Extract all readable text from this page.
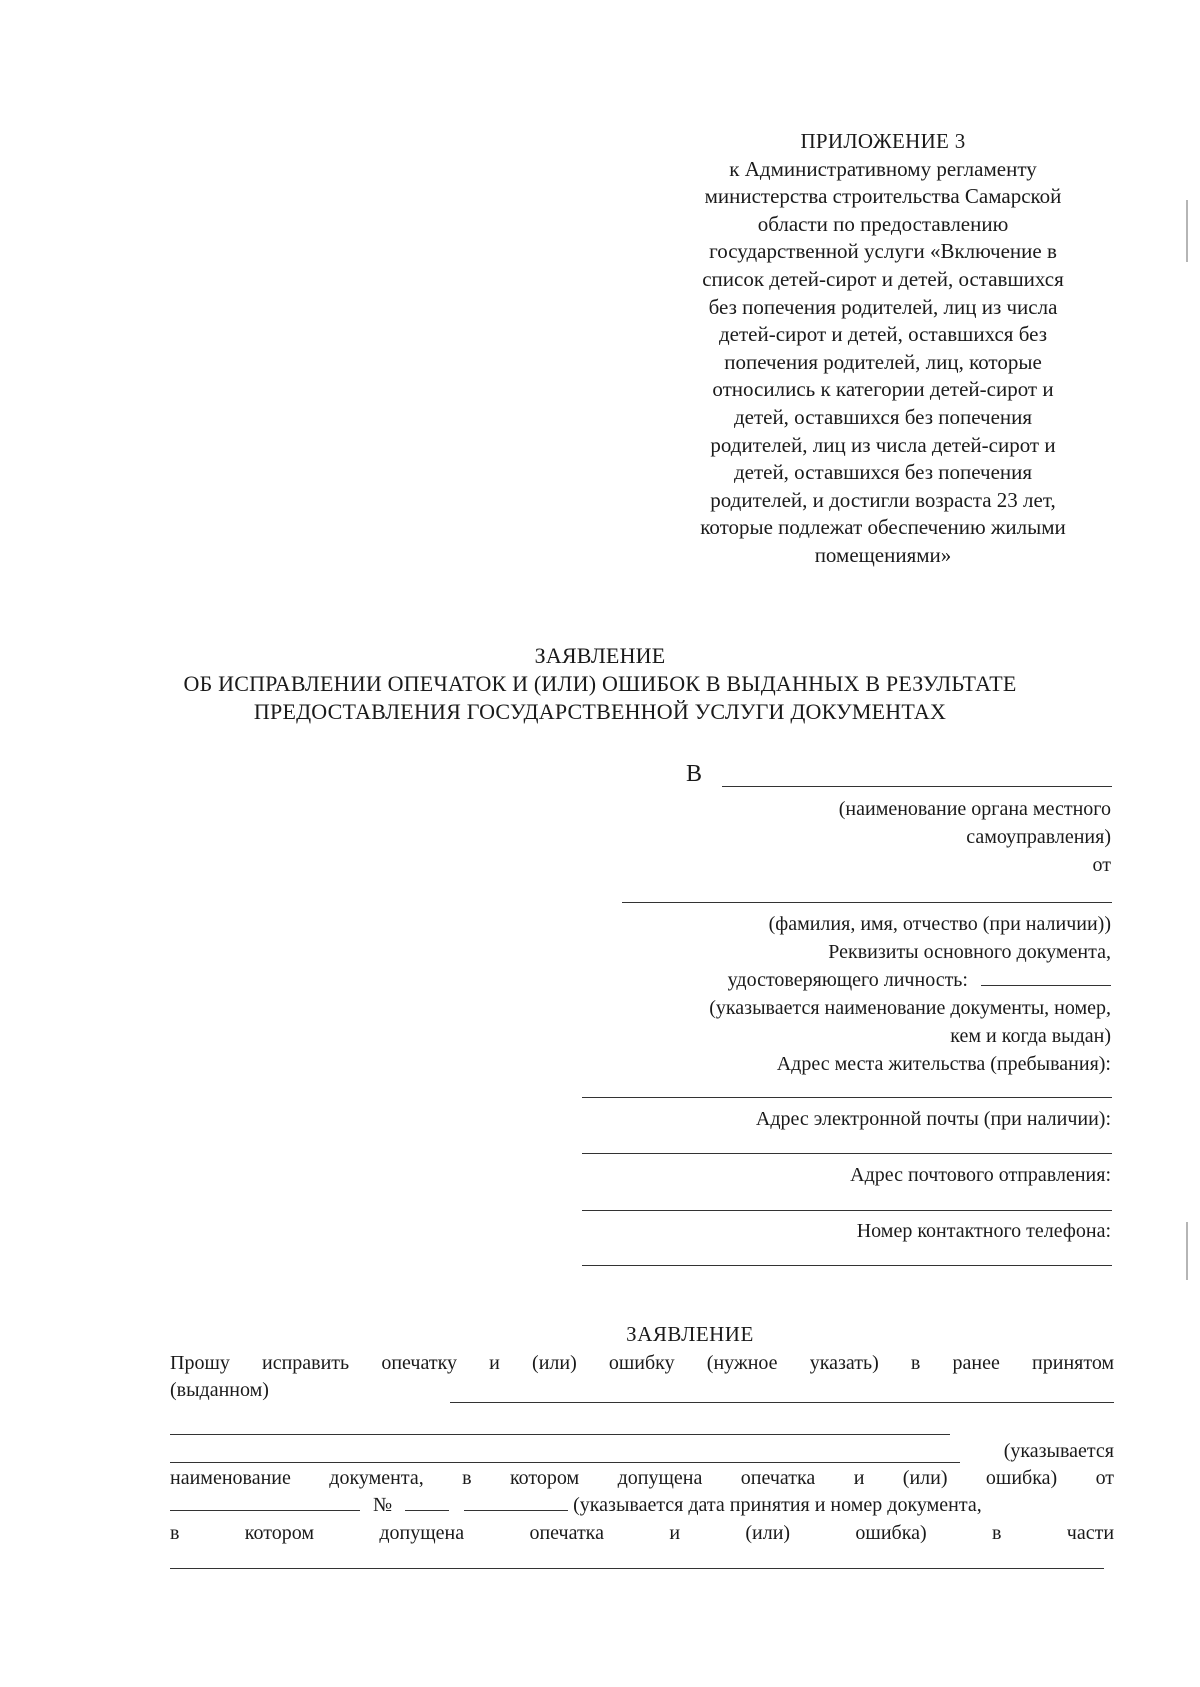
ПРИЛОЖЕНИЕ 3
к Административному регламенту
министерства строительства Самарской
области по предоставлению
государственной услуги «Включение в
список детей-сирот и детей, оставшихся
без попечения родителей, лиц из числа
детей-сирот и детей, оставшихся без
попечения родителей, лиц, которые
относились к категории детей-сирот и
детей, оставшихся без попечения
родителей, лиц из числа детей-сирот и
детей, оставшихся без попечения
родителей, и достигли возраста 23 лет,
которые подлежат обеспечению жилыми
помещениями»
ЗАЯВЛЕНИЕ
ОБ ИСПРАВЛЕНИИ ОПЕЧАТОК И (ИЛИ) ОШИБОК В ВЫДАННЫХ В РЕЗУЛЬТАТЕ
ПРЕДОСТАВЛЕНИЯ ГОСУДАРСТВЕННОЙ УСЛУГИ ДОКУМЕНТАХ
В
(наименование органа местного
самоуправления)
от
(фамилия, имя, отчество (при наличии))
Реквизиты основного документа,
удостоверяющего личность:
(указывается наименование документы, номер,
кем и когда выдан)
Адрес места жительства (пребывания):
Адрес электронной почты (при наличии):
Адрес почтового отправления:
Номер контактного телефона:
ЗАЯВЛЕНИЕ
Прошу исправить опечатку и (или) ошибку (нужное указать) в ранее принятом
(выданном)
(указывается
наименование документа, в котором допущена опечатка и (или) ошибка) от
№	(указывается дата принятия и номер документа,
в	котором	допущена	опечатка	и	(или)	ошибка)	в	части
